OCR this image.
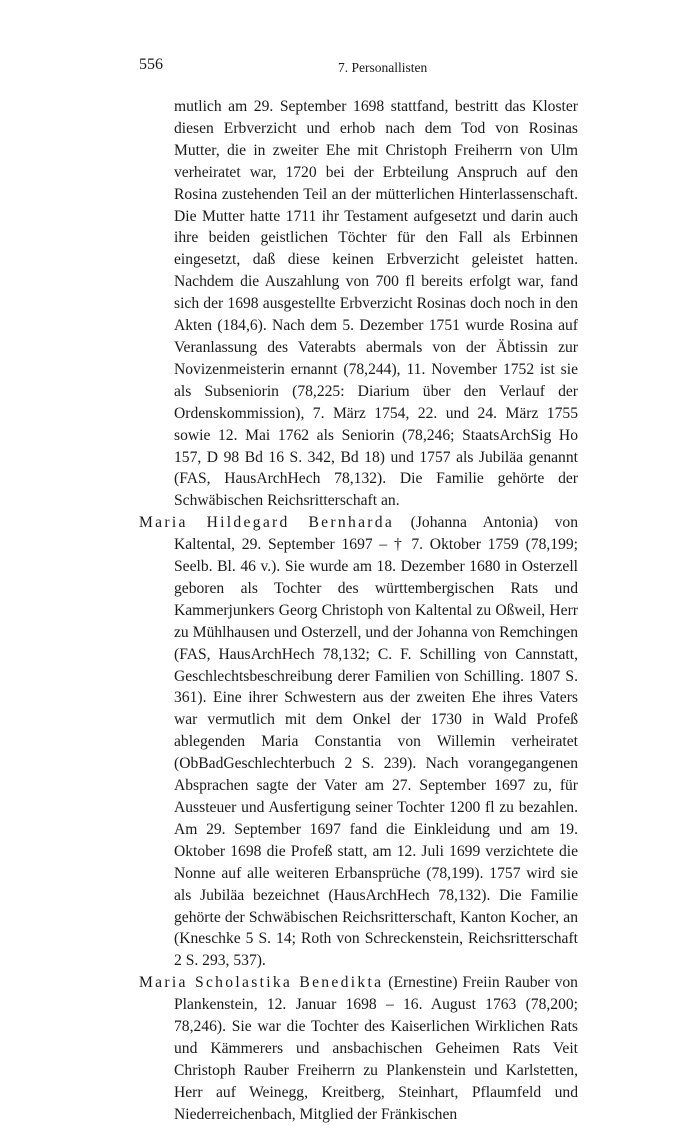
556	7. Personallisten

mutlich am 29. September 1698 stattfand, bestritt das Kloster diesen Erbverzicht und erhob nach dem Tod von Rosinas Mutter, die in zweiter Ehe mit Christoph Freiherrn von Ulm verheiratet war, 1720 bei der Erbteilung Anspruch auf den Rosina zustehenden Teil an der mütterlichen Hinterlassenschaft. Die Mutter hatte 1711 ihr Testament aufgesetzt und darin auch ihre beiden geistlichen Töchter für den Fall als Erbinnen eingesetzt, daß diese keinen Erbverzicht geleistet hatten. Nachdem die Auszahlung von 700 fl bereits erfolgt war, fand sich der 1698 ausgestellte Erbverzicht Rosinas doch noch in den Akten (184,6). Nach dem 5. Dezember 1751 wurde Rosina auf Veranlassung des Vaterabts abermals von der Äbtissin zur Novizenmeisterin ernannt (78,244), 11. November 1752 ist sie als Subseniorin (78,225: Diarium über den Verlauf der Ordenskommission), 7. März 1754, 22. und 24. März 1755 sowie 12. Mai 1762 als Seniorin (78,246; StaatsArchSig Ho 157, D 98 Bd 16 S. 342, Bd 18) und 1757 als Jubiläa genannt (FAS, HausArchHech 78,132). Die Familie gehörte der Schwäbischen Reichsritterschaft an.

Maria Hildegard Bernharda (Johanna Antonia) von Kaltental, 29. September 1697 – † 7. Oktober 1759 (78,199; Seelb. Bl. 46 v.). Sie wurde am 18. Dezember 1680 in Osterzell geboren als Tochter des württembergischen Rats und Kammerjunkers Georg Christoph von Kaltental zu Oßweil, Herr zu Mühlhausen und Osterzell, und der Johanna von Remchingen (FAS, HausArchHech 78,132; C. F. Schilling von Cannstatt, Geschlechtsbeschreibung derer Familien von Schilling. 1807 S. 361). Eine ihrer Schwestern aus der zweiten Ehe ihres Vaters war vermutlich mit dem Onkel der 1730 in Wald Profeß ablegenden Maria Constantia von Willemin verheiratet (ObBadGeschlechterbuch 2 S. 239). Nach vorangegangenen Absprachen sagte der Vater am 27. September 1697 zu, für Aussteuer und Ausfertigung seiner Tochter 1200 fl zu bezahlen. Am 29. September 1697 fand die Einkleidung und am 19. Oktober 1698 die Profeß statt, am 12. Juli 1699 verzichtete die Nonne auf alle weiteren Erbansprüche (78,199). 1757 wird sie als Jubiläa bezeichnet (HausArchHech 78,132). Die Familie gehörte der Schwäbischen Reichsritterschaft, Kanton Kocher, an (Kneschke 5 S. 14; Roth von Schreckenstein, Reichsritterschaft 2 S. 293, 537).

Maria Scholastika Benedikta (Ernestine) Freiin Rauber von Plankenstein, 12. Januar 1698 – 16. August 1763 (78,200; 78,246). Sie war die Tochter des Kaiserlichen Wirklichen Rats und Kämmerers und ansbachischen Geheimen Rats Veit Christoph Rauber Freiherrn zu Plankenstein und Karlstetten, Herr auf Weinegg, Kreitberg, Steinhart, Pflaumfeld und Niederreichenbach, Mitglied der Fränkischen
